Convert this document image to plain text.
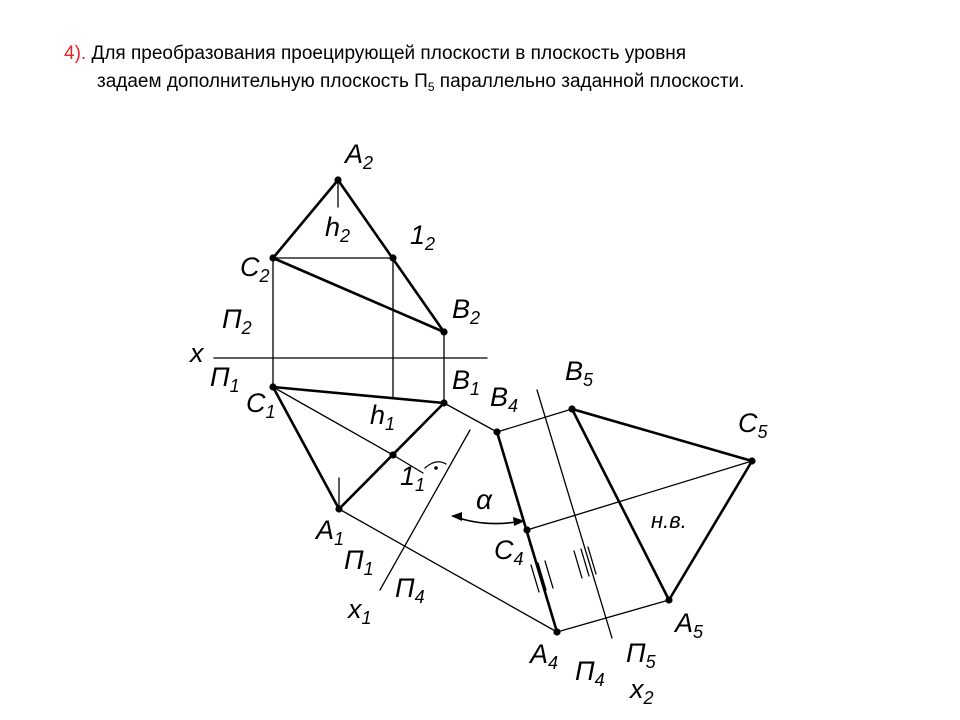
4). Для преобразования проецирующей плоскости в плоскость уровня
задаем дополнительную плоскость $П_5$ параллельно заданной плоскости.
$A_2$
$h_2$ $1_2$
$C_2$
$B_2$
$П_2$
x
$П_1$
$C_1$
$B_1$
$h_1$
$1_1$
$A_1$
$П_1$
$x_1$
$П_4$
$B_4$
$B_5$
$C_5$
$C_4$
$A_4$
$A_5$
$П_4$
$П_5$
$x_2$
α
н.в.
